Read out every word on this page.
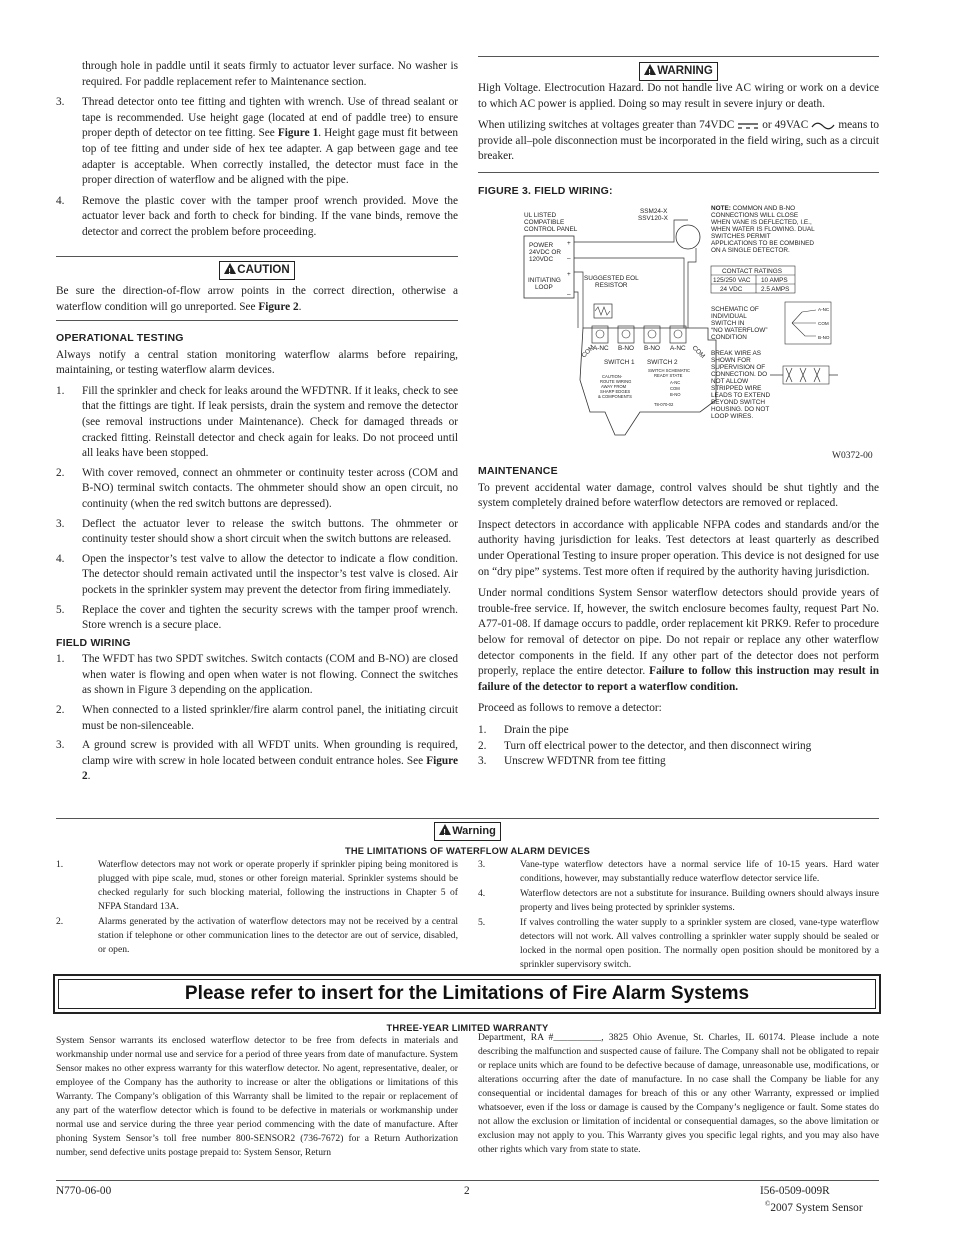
through hole in paddle until it seats firmly to actuator lever surface. No washer is required. For paddle replacement refer to Maintenance section.

3. Thread detector onto tee fitting and tighten with wrench. Use of thread sealant or tape is recommended. Use height gage (located at end of paddle tree) to ensure proper depth of detector on tee fitting. See Figure 1. Height gage must fit between top of tee fitting and under side of hex tee adapter. A gap between gage and tee adapter is acceptable. When correctly installed, the detector must face in the proper direction of waterflow and be aligned with the pipe.
4. Remove the plastic cover with the tamper proof wrench provided. Move the actuator lever back and forth to check for binding. If the vane binds, remove the detector and correct the problem before proceeding.
!CAUTION

Be sure the direction-of-flow arrow points in the correct direction, otherwise a waterflow condition will go unreported. See Figure 2.

OPERATIONAL TESTING

Always notify a central station monitoring waterflow alarms before repairing, maintaining, or testing waterflow alarm devices.

1. Fill the sprinkler and check for leaks around the WFDTNR. If it leaks, check to see that the fittings are tight. If leak persists, drain the system and remove the detector (see removal instructions under Maintenance). Check for damaged threads or cracked fitting. Reinstall detector and check again for leaks. Do not proceed until all leaks have been stopped.
2. With cover removed, connect an ohmmeter or continuity tester across (COM and B-NO) terminal switch contacts. The ohmmeter should show an open circuit, no continuity (when the red switch buttons are depressed).
3. Deflect the actuator lever to release the switch buttons. The ohmmeter or continuity tester should show a short circuit when the switch buttons are released.
4. Open the inspector’s test valve to allow the detector to indicate a flow condition. The detector should remain activated until the inspector’s test valve is closed. Air pockets in the sprinkler system may prevent the detector from firing immediately.
5. Replace the cover and tighten the security screws with the tamper proof wrench. Store wrench is a secure place.

FIELD WIRING

1. The WFDT has two SPDT switches. Switch contacts (COM and B-NO) are closed when water is flowing and open when water is not flowing. Connect the switches as shown in Figure 3 depending on the application.
2. When connected to a listed sprinkler/fire alarm control panel, the initiating circuit must be non-silenceable.
3. A ground screw is provided with all WFDT units. When grounding is required, clamp wire with screw in hole located between conduit entrance holes. See Figure 2.
!WARNING

High Voltage. Electrocution Hazard. Do not handle live AC wiring or work on a device to which AC power is applied. Doing so may result in severe injury or death.

When utilizing switches at voltages greater than 74VDC or 49VAC	means to provide all–pole disconnection must be incorporated in the field wiring, such as a circuit breaker.

FIGURE 3. FIELD WIRING:

UL LISTED
COMPATIBLE
CONTROL PANEL
POWER
24VDC OR
120VDC
+
–
INITIATING
LOOP
+
–
SSM24-X
SSV120-X
SUGGESTED EOL
RESISTOR
A-NC B-NO B-NO A-NC
SWITCH 1 SWITCH 2
COM	COM
CAUTION-
ROUTE WIRING
AWAY FROM
SHARP EDGES
& COMPONENTS
SWITCH SCHEMATIC
READY STATE
A-NC
COM
B-NO
T8-070-02
NOTE: COMMON AND B-NO
CONNECTIONS WILL CLOSE
WHEN VANE IS DEFLECTED, I.E.,
WHEN WATER IS FLOWING. DUAL
SWITCHES PERMIT
APPLICATIONS TO BE COMBINED
ON A SINGLE DETECTOR.
CONTACT RATINGS
125/250 VAC 10 AMPS
24 VDC	2.5 AMPS
SCHEMATIC OF
INDIVIDUAL
SWITCH IN
“NO WATERFLOW”
CONDITION
A-NC
COM
B-NO
BREAK WIRE AS
SHOWN FOR
SUPERVISION OF
CONNECTION. DO
NOT ALLOW
STRIPPED WIRE
LEADS TO EXTEND
BEYOND SWITCH
HOUSING. DO NOT
LOOP WIRES.
W0372-00

MAINTENANCE

To prevent accidental water damage, control valves should be shut tightly and the system completely drained before waterflow detectors are removed or replaced.

Inspect detectors in accordance with applicable NFPA codes and standards and/or the authority having jurisdiction for leaks. Test detectors at least quarterly as described under Operational Testing to insure proper operation. This device is not designed for use on “dry pipe” systems. Test more often if required by the authority having jurisdiction.

Under normal conditions System Sensor waterflow detectors should provide years of trouble-free service. If, however, the switch enclosure becomes faulty, request Part No. A77-01-08. If damage occurs to paddle, order replacement kit PRK9. Refer to procedure below for removal of detector on pipe. Do not repair or replace any other waterflow detector components in the field. If any other part of the detector does not perform properly, replace the entire detector. Failure to follow this instruction may result in failure of the detector to report a waterflow condition.

Proceed as follows to remove a detector:

1. Drain the pipe
2. Turn off electrical power to the detector, and then disconnect wiring
3. Unscrew WFDTNR from tee fitting
!Warning

THE LIMITATIONS OF WATERFLOW ALARM DEVICES

1.	Waterflow detectors may not work or operate properly if sprinkler piping being monitored is plugged with pipe scale, mud, stones or other foreign material. Sprinkler systems should be checked regularly for such blocking material, following the instructions in Chapter 5 of NFPA Standard 13A.
2.	Alarms generated by the activation of waterflow detectors may not be received by a central station if telephone or other communication lines to the detector are out of service, disabled, or open.
3.	Vane-type waterflow detectors have a normal service life of 10-15 years. Hard water conditions, however, may substantially reduce waterflow detector service life.
4.	Waterflow detectors are not a substitute for insurance. Building owners should always insure property and lives being protected by sprinkler systems.
5.	If valves controlling the water supply to a sprinkler system are closed, vane-type waterflow detectors will not work. All valves controlling a sprinkler water supply should be sealed or locked in the normal open position. The normally open position should be monitored by a sprinkler supervisory switch.
Please refer to insert for the Limitations of Fire Alarm Systems

THREE-YEAR LIMITED WARRANTY

System Sensor warrants its enclosed waterflow detector to be free from defects in materials and workmanship under normal use and service for a period of three years from date of manufacture. System Sensor makes no other express warranty for this waterflow detector. No agent, representative, dealer, or employee of the Company has the authority to increase or alter the obligations or limitations of this Warranty. The Company’s obligation of this Warranty shall be limited to the repair or replacement of any part of the waterflow detector which is found to be defective in materials or workmanship under normal use and service during the three year period commencing with the date of manufacture. After phoning System Sensor’s toll free number 800-SENSOR2 (736-7672) for a Return Authorization number, send defective units postage prepaid to: System Sensor, Return

Department, RA #__________, 3825 Ohio Avenue, St. Charles, IL 60174. Please include a note describing the malfunction and suspected cause of failure. The Company shall not be obligated to repair or replace units which are found to be defective because of damage, unreasonable use, modifications, or alterations occurring after the date of manufacture. In no case shall the Company be liable for any consequential or incidental damages for breach of this or any other Warranty, expressed or implied whatsoever, even if the loss or damage is caused by the Company’s negligence or fault. Some states do not allow the exclusion or limitation of incidental or consequential damages, so the above limitation or exclusion may not apply to you. This Warranty gives you specific legal rights, and you may also have other rights which vary from state to state.

N770-06-00	2	I56-0509-009R
©2007 System Sensor
